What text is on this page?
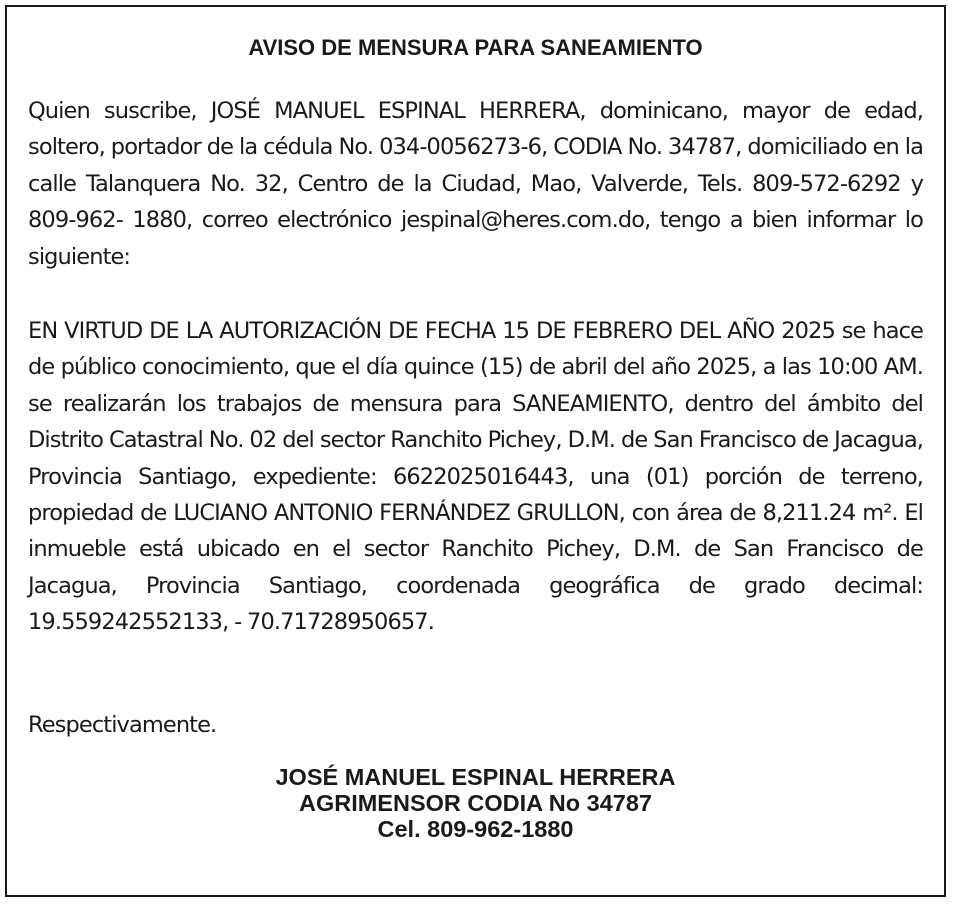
AVISO DE MENSURA PARA SANEAMIENTO
Quien suscribe, JOSÉ MANUEL ESPINAL HERRERA, dominicano, mayor de edad, soltero, portador de la cédula No. 034-0056273-6, CODIA No. 34787, domiciliado en la calle Talanquera No. 32, Centro de la Ciudad, Mao, Valverde, Tels. 809-572-6292 y 809-962- 1880, correo electrónico jespinal@heres.com.do, tengo a bien informar lo siguiente:
EN VIRTUD DE LA AUTORIZACIÓN DE FECHA 15 DE FEBRERO DEL AÑO 2025 se hace de público conocimiento, que el día quince (15) de abril del año 2025, a las 10:00 AM. se realizarán los trabajos de mensura para SANEAMIENTO, dentro del ámbito del Distrito Catastral No. 02 del sector Ranchito Pichey, D.M. de San Francisco de Jacagua, Provincia Santiago, expediente: 6622025016443, una (01) porción de terreno, propiedad de LUCIANO ANTONIO FERNÁNDEZ GRULLON, con área de 8,211.24 m². El inmueble está ubicado en el sector Ranchito Pichey, D.M. de San Francisco de Jacagua, Provincia Santiago, coordenada geográfica de grado decimal: 19.559242552133, - 70.71728950657.
Respectivamente.
JOSÉ MANUEL ESPINAL HERRERA
AGRIMENSOR CODIA No 34787
Cel. 809-962-1880
